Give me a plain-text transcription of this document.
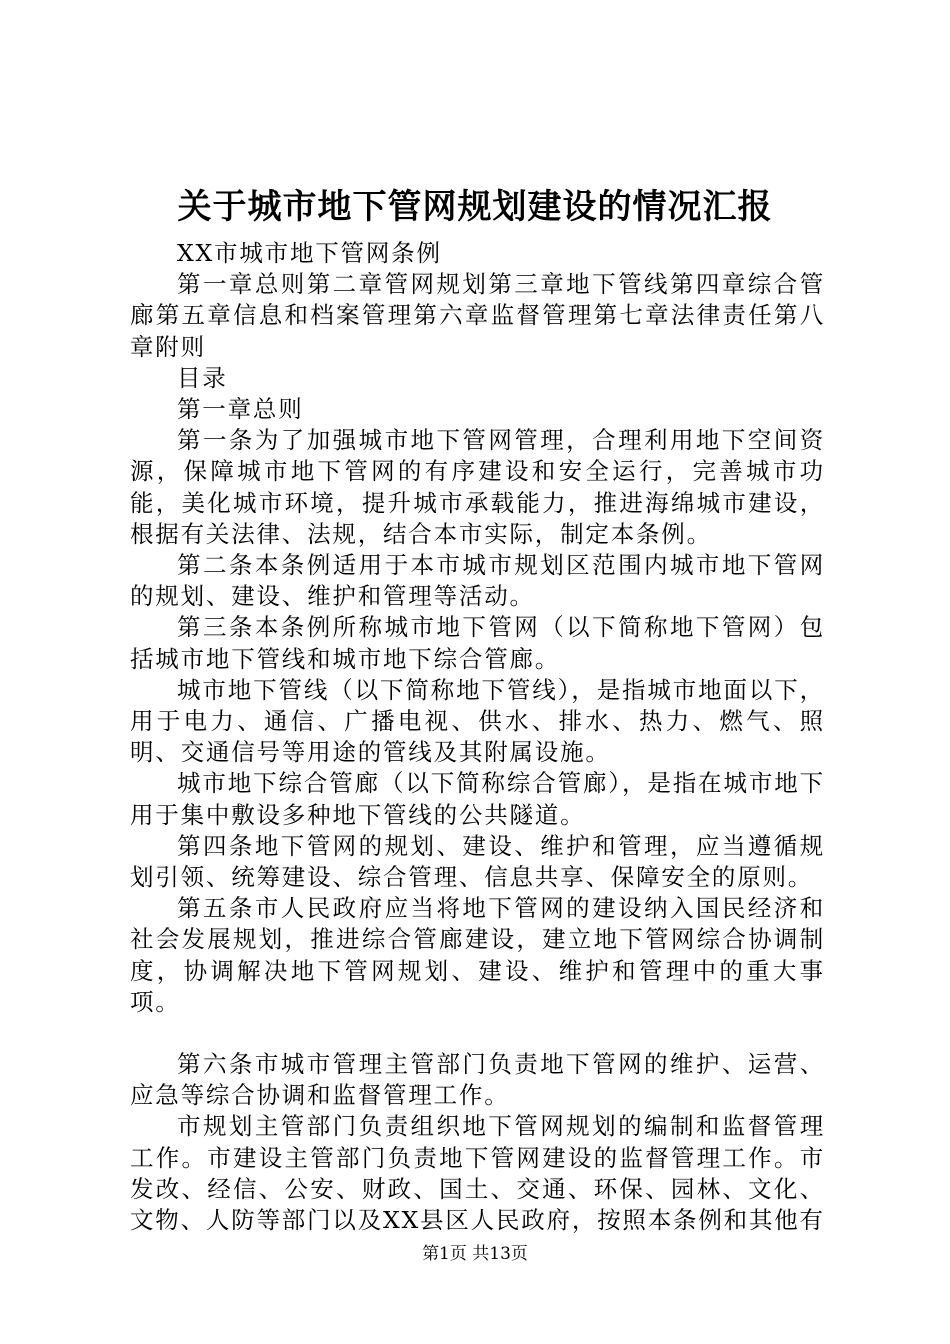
关于城市地下管网规划建设的情况汇报

XX市城市地下管网条例

第一章总则第二章管网规划第三章地下管线第四章综合管廊第五章信息和档案管理第六章监督管理第七章法律责任第八章附则

目录

第一章总则

第一条为了加强城市地下管网管理，合理利用地下空间资源，保障城市地下管网的有序建设和安全运行，完善城市功能，美化城市环境，提升城市承载能力，推进海绵城市建设，根据有关法律、法规，结合本市实际，制定本条例。

第二条本条例适用于本市城市规划区范围内城市地下管网的规划、建设、维护和管理等活动。

第三条本条例所称城市地下管网（以下简称地下管网）包括城市地下管线和城市地下综合管廊。

城市地下管线（以下简称地下管线），是指城市地面以下，用于电力、通信、广播电视、供水、排水、热力、燃气、照明、交通信号等用途的管线及其附属设施。

城市地下综合管廊（以下简称综合管廊），是指在城市地下用于集中敷设多种地下管线的公共隧道。

第四条地下管网的规划、建设、维护和管理，应当遵循规划引领、统筹建设、综合管理、信息共享、保障安全的原则。

第五条市人民政府应当将地下管网的建设纳入国民经济和社会发展规划，推进综合管廊建设，建立地下管网综合协调制度，协调解决地下管网规划、建设、维护和管理中的重大事项。

第六条市城市管理主管部门负责地下管网的维护、运营、应急等综合协调和监督管理工作。

市规划主管部门负责组织地下管网规划的编制和监督管理工作。市建设主管部门负责地下管网建设的监督管理工作。市发改、经信、公安、财政、国土、交通、环保、园林、文化、文物、人防等部门以及XX县区人民政府，按照本条例和其他有

第1页 共13页
